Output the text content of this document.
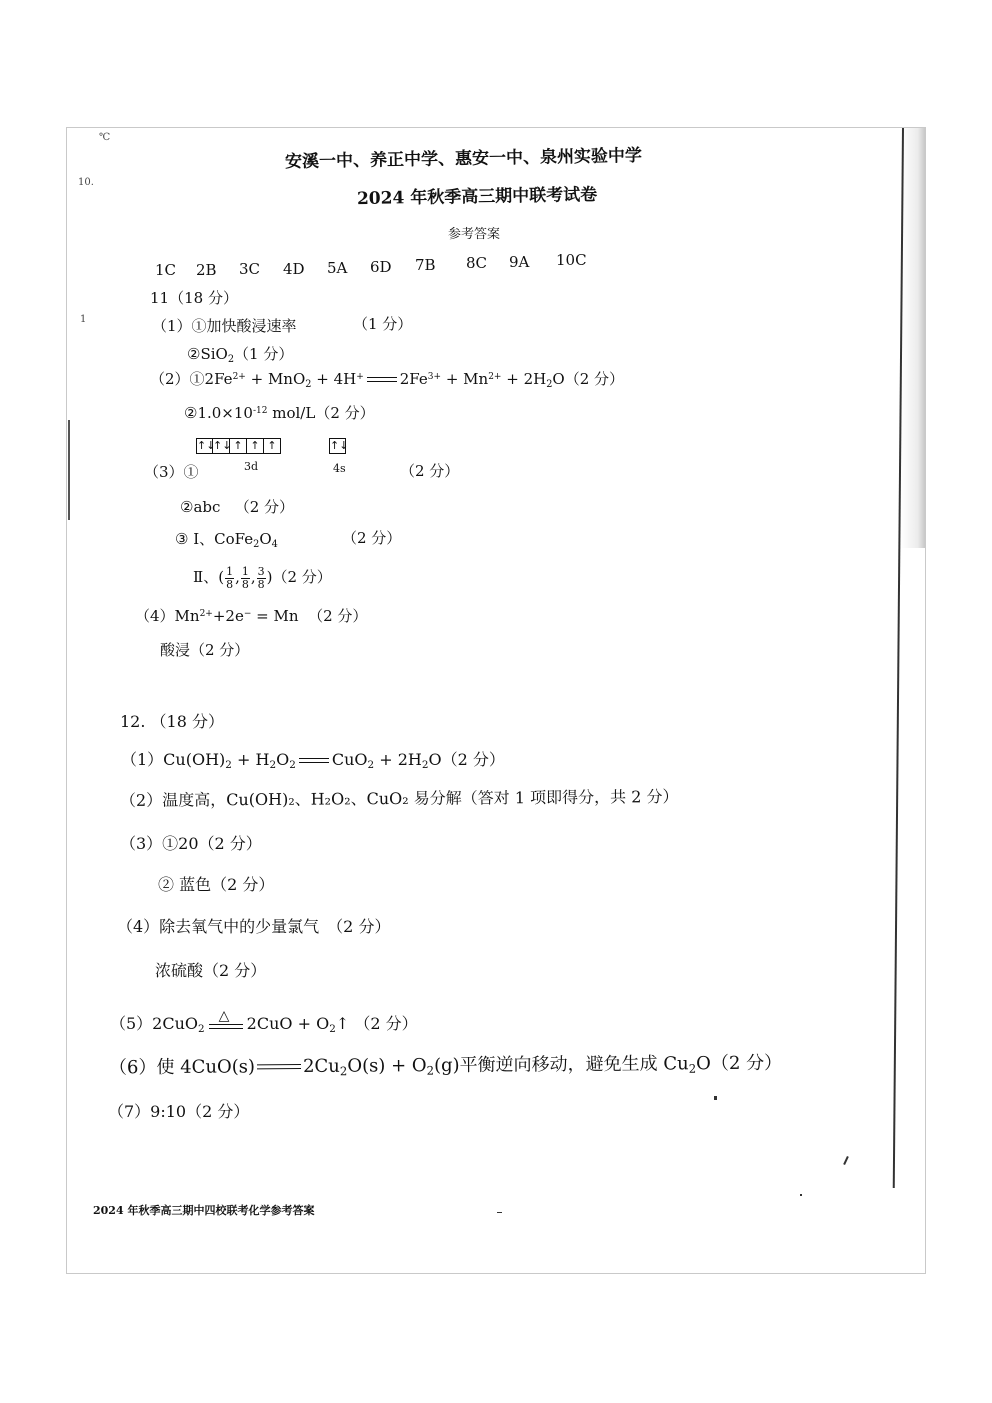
℃
10.
1
安溪一中、养正中学、惠安一中、泉州实验中学
2024 年秋季高三期中联考试卷
参考答案
1C 2B 3C 4D 5A 6D 7B 8C 9A 10C
11（18 分）
（1）①加快酸浸速率	（1 分）
②SiO$_2$（1 分）
$(2)①2Fe^{2+} + MnO_2 + 4H^+$ $2Fe^{3+} + Mn^{2+} + 2H_2O(2$ 分）
$②1.0\times 10^{-12}$ mol/L（2 分）
↑↓
↑↓ ↑ ↑ ↑	↑↓
3d	4s
（3）①	（2 分）
②abc （2 分）
③ Ⅰ、$CoFe_2O_4$	（2 分）
Ⅱ、( $\frac{1}{8}$ , $\frac{1}{8}$ , $\frac{3}{8} )(2$ 分）
$(4)Mn^{2+}+2e^- = Mn$ （2 分）
酸浸（2 分）
12. （18 分）
$(1)Cu(OH)_2 + H_2O_2$ $CuO_2 + 2H_2O(2$ 分）
（2）温度高，Cu(OH)₂、H₂O₂、CuO₂ 易分解（答对 1 项即得分，共 2 分）
（3）①20（2 分）
② 蓝色（2 分）
（4）除去氧气中的少量氯气　（2 分）
浓硫酸（2 分）
（5）2CuO$_2$
△ $2CuO + O_2↑$ （2 分）
（6）使 4CuO(s)	$2Cu_2O(s) + O_2(g)$平衡逆向移动，避免生成 $Cu_2O(2$ 分）
（7）9:10（2 分）
2024 年秋季高三期中四校联考化学参考答案
